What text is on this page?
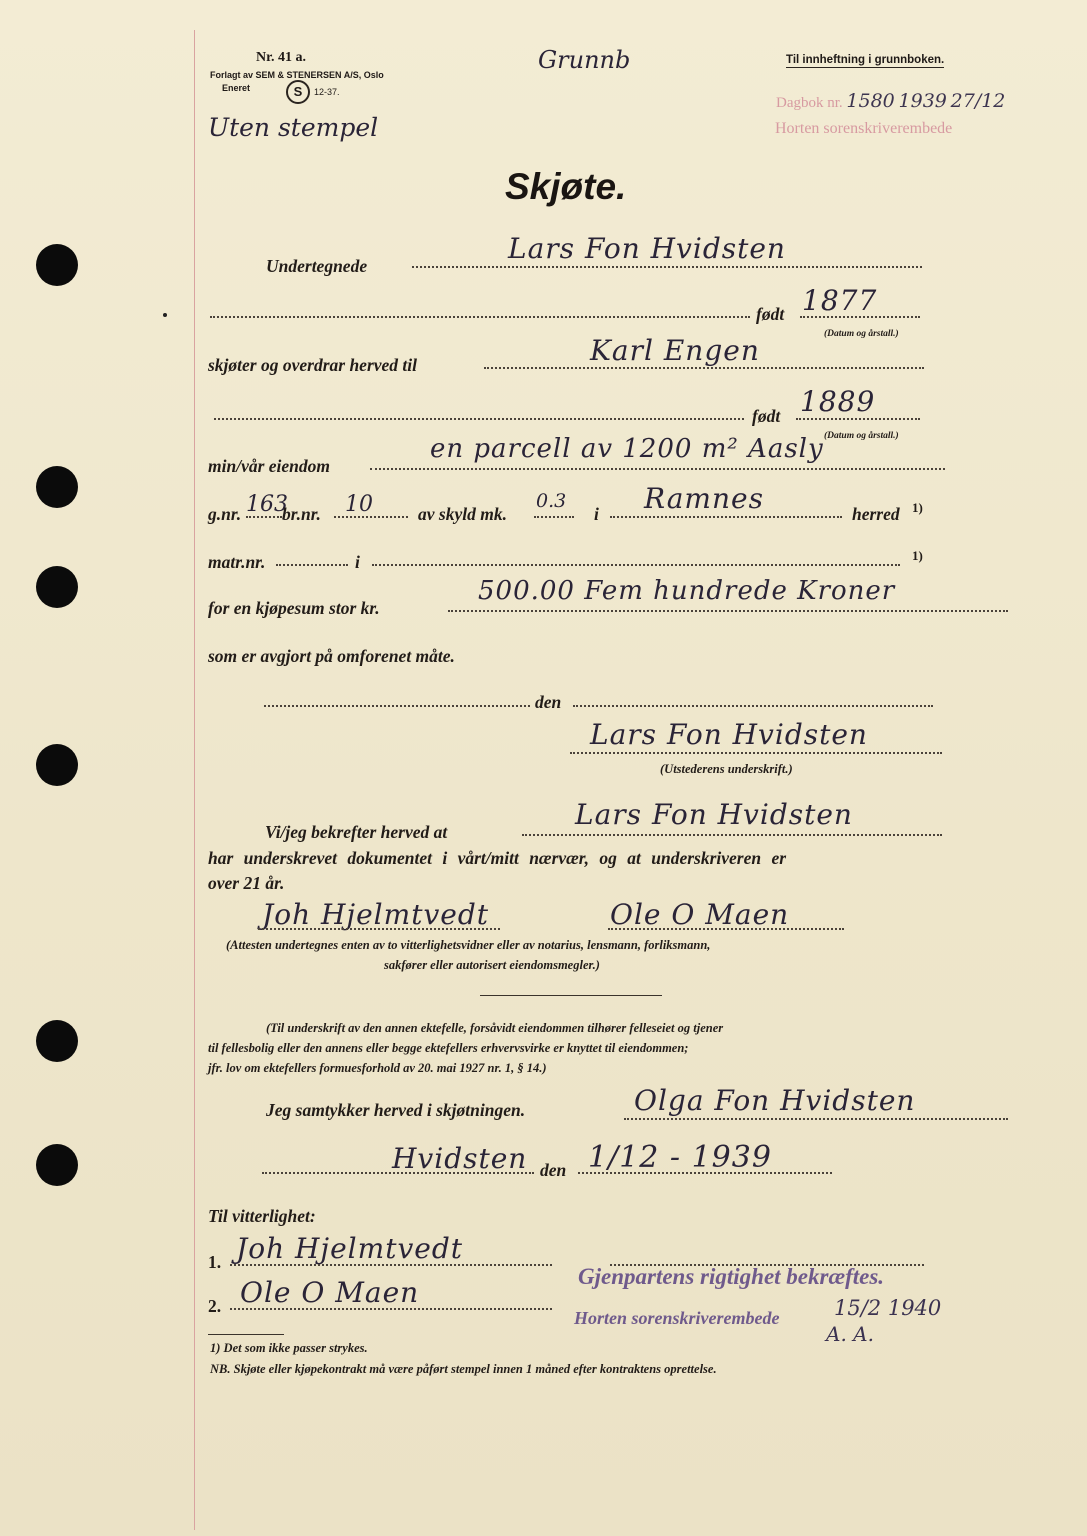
Nr. 41 a.
Forlagt av SEM & STENERSEN A/S, Oslo
Eneret	S	12-37.
Grunnb
Uten stempel
Til innheftning i grunnboken.
Dagbok nr. 1580 1939 27/12
Horten sorenskriverembede
Skjøte.
Undertegnede
Lars Fon Hvidsten
født 1877
(Datum og årstall.)
skjøter og overdrar herved til	Karl Engen
født 1889
(Datum og årstall.)
min/vår eiendom
en parcell av 1200 m² Aasly
g.nr. 163
br.nr. 10	av skyld mk.
0.3
i Ramnes	herred 1)
matr.nr.	i	1)
for en kjøpesum stor kr.
500.00 Fem hundrede Kroner
som er avgjort på omforenet måte.
den
Lars Fon Hvidsten
(Utstederens underskrift.)
Vi/jeg bekrefter herved at
Lars Fon Hvidsten
har underskrevet dokumentet i vårt/mitt nærvær, og at underskriveren er
over 21 år.
Joh Hjelmtvedt	Ole O Maen
(Attesten undertegnes enten av to vitterlighetsvidner eller av notarius, lensmann, forliksmann,
sakfører eller autorisert eiendomsmegler.)
(Til underskrift av den annen ektefelle, forsåvidt eiendommen tilhører felleseiet og tjener
til fellesbolig eller den annens eller begge ektefellers erhvervsvirke er knyttet til eiendommen;
jfr. lov om ektefellers formuesforhold av 20. mai 1927 nr. 1, § 14.)
Jeg samtykker herved i skjøtningen.	Olga Fon Hvidsten
Hvidsten den 1/12 - 1939
Til vitterlighet:
1. Joh Hjelmtvedt
2. Ole O Maen	Gjenpartens rigtighet bekræftes.
Horten sorenskriverembede	15/2 1940
A. A.
1) Det som ikke passer strykes.
NB. Skjøte eller kjøpekontrakt må være påført stempel innen 1 måned efter kontraktens oprettelse.
